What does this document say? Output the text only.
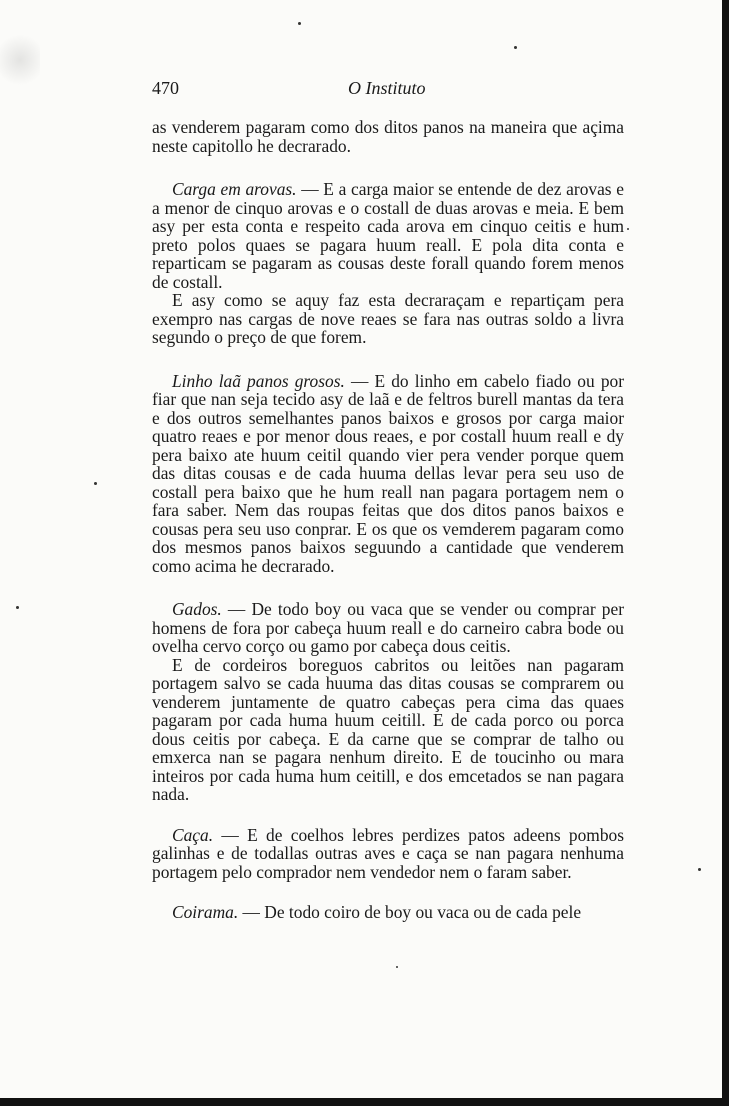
470	O Instituto

as venderem pagaram como dos ditos panos na maneira que açima neste capitollo he decrarado.

Carga em arovas. — E a carga maior se entende de dez arovas e a menor de cinquo arovas e o costall de duas arovas e meia. E bem asy per esta conta e respeito cada arova em cinquo ceitis e hum preto polos quaes se pagara huum reall. E pola dita conta e reparticam se pagaram as cousas deste forall quando forem menos de costall.

E asy como se aquy faz esta decraraçam e repartiçam pera exempro nas cargas de nove reaes se fara nas outras soldo a livra segundo o preço de que forem.

Linho laã panos grosos. — E do linho em cabelo fiado ou por fiar que nan seja tecido asy de laã e de feltros burell mantas da tera e dos outros semelhantes panos baixos e grosos por carga maior quatro reaes e por menor dous reaes, e por costall huum reall e dy pera baixo ate huum ceitil quando vier pera vender porque quem das ditas cousas e de cada huuma dellas levar pera seu uso de costall pera baixo que he hum reall nan pagara portagem nem o fara saber. Nem das roupas feitas que dos ditos panos baixos e cousas pera seu uso conprar. E os que os vemderem pagaram como dos mesmos panos baixos seguundo a cantidade que venderem como acima he decrarado.

Gados. — De todo boy ou vaca que se vender ou comprar per homens de fora por cabeça huum reall e do carneiro cabra bode ou ovelha cervo corço ou gamo por cabeça dous ceitis.

E de cordeiros boreguos cabritos ou leitões nan pagaram portagem salvo se cada huuma das ditas cousas se comprarem ou venderem juntamente de quatro cabeças pera cima das quaes pagaram por cada huma huum ceitill. E de cada porco ou porca dous ceitis por cabeça. E da carne que se comprar de talho ou emxerca nan se pagara nenhum direito. E de toucinho ou mara inteiros por cada huma hum ceitill, e dos emcetados se nan pagara nada.

Caça. — E de coelhos lebres perdizes patos adeens pombos galinhas e de todallas outras aves e caça se nan pagara nenhuma portagem pelo comprador nem vendedor nem o faram saber.

Coirama. — De todo coiro de boy ou vaca ou de cada pele
